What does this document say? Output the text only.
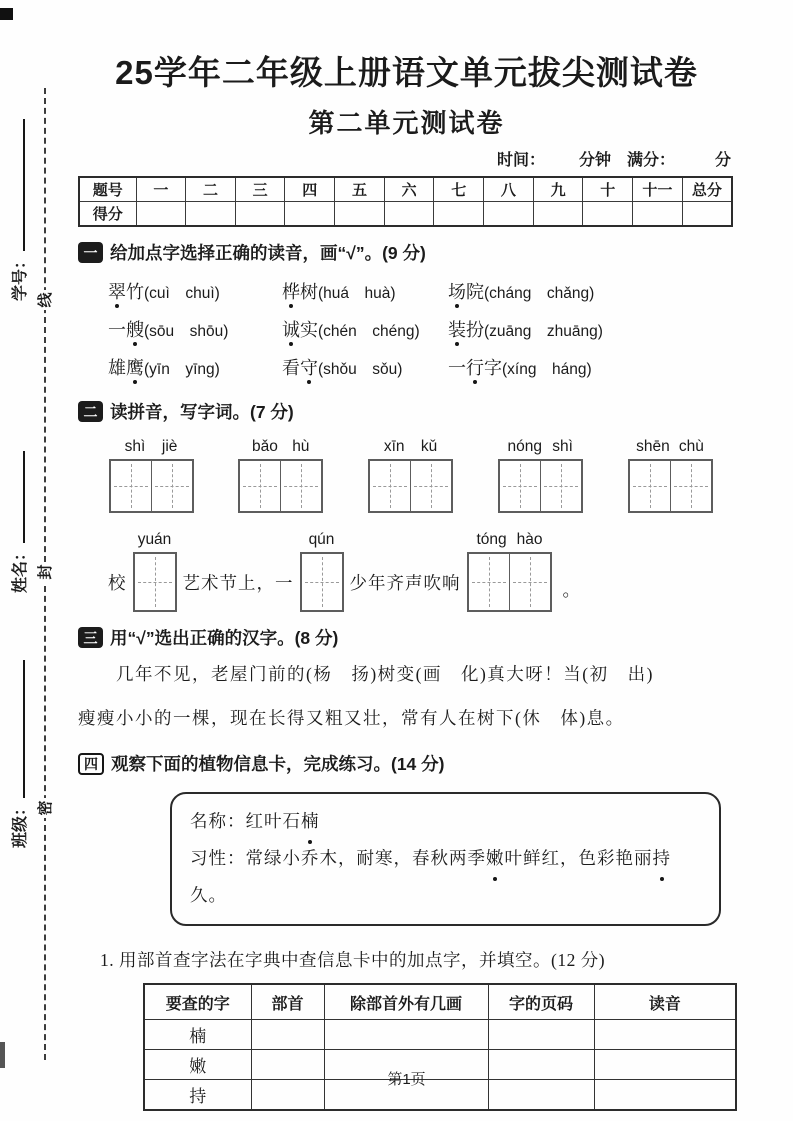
学号：
姓名：
班级：
线
封
密
25学年二年级上册语文单元拔尖测试卷
第二单元测试卷
时间： 分钟 满分：	分
题号	一	二	三	四	五	六	七	八	九	十	十一	总分
得分												
一 给加点字选择正确的读音，画“√”。(9 分)
翠竹(cuì　chuì)	桦树(huá　huà)	场院(cháng　chǎng)
一艘(sōu　shōu)	诚实(chén　chéng)	装扮(zuāng　zhuāng)
雄鹰(yīn　yīng)	看守(shǒu　sǒu)	一行字(xíng　háng)
二 读拼音，写字词。(7 分)
shì jiè	bǎo hù	xīn kǔ	nóng shì	shēn chù
校
yuán
艺术节上，一
qún
少年齐声吹响
tóng hào
。
三 用“√”选出正确的汉字。(8 分)
几年不见，老屋门前的(杨　扬)树变(画　化)真大呀！当(初　出)
瘦瘦小小的一棵，现在长得又粗又壮，常有人在树下(休　体)息。
四 观察下面的植物信息卡，完成练习。(14 分)
名称：红叶石楠
习性：常绿小乔木，耐寒，春秋两季嫩叶鲜红，色彩艳丽持久。
1. 用部首查字法在字典中查信息卡中的加点字，并填空。(12 分)
要查的字	部首	除部首外有几画	字的页码	读音
楠				
嫩				
持				
第1页
